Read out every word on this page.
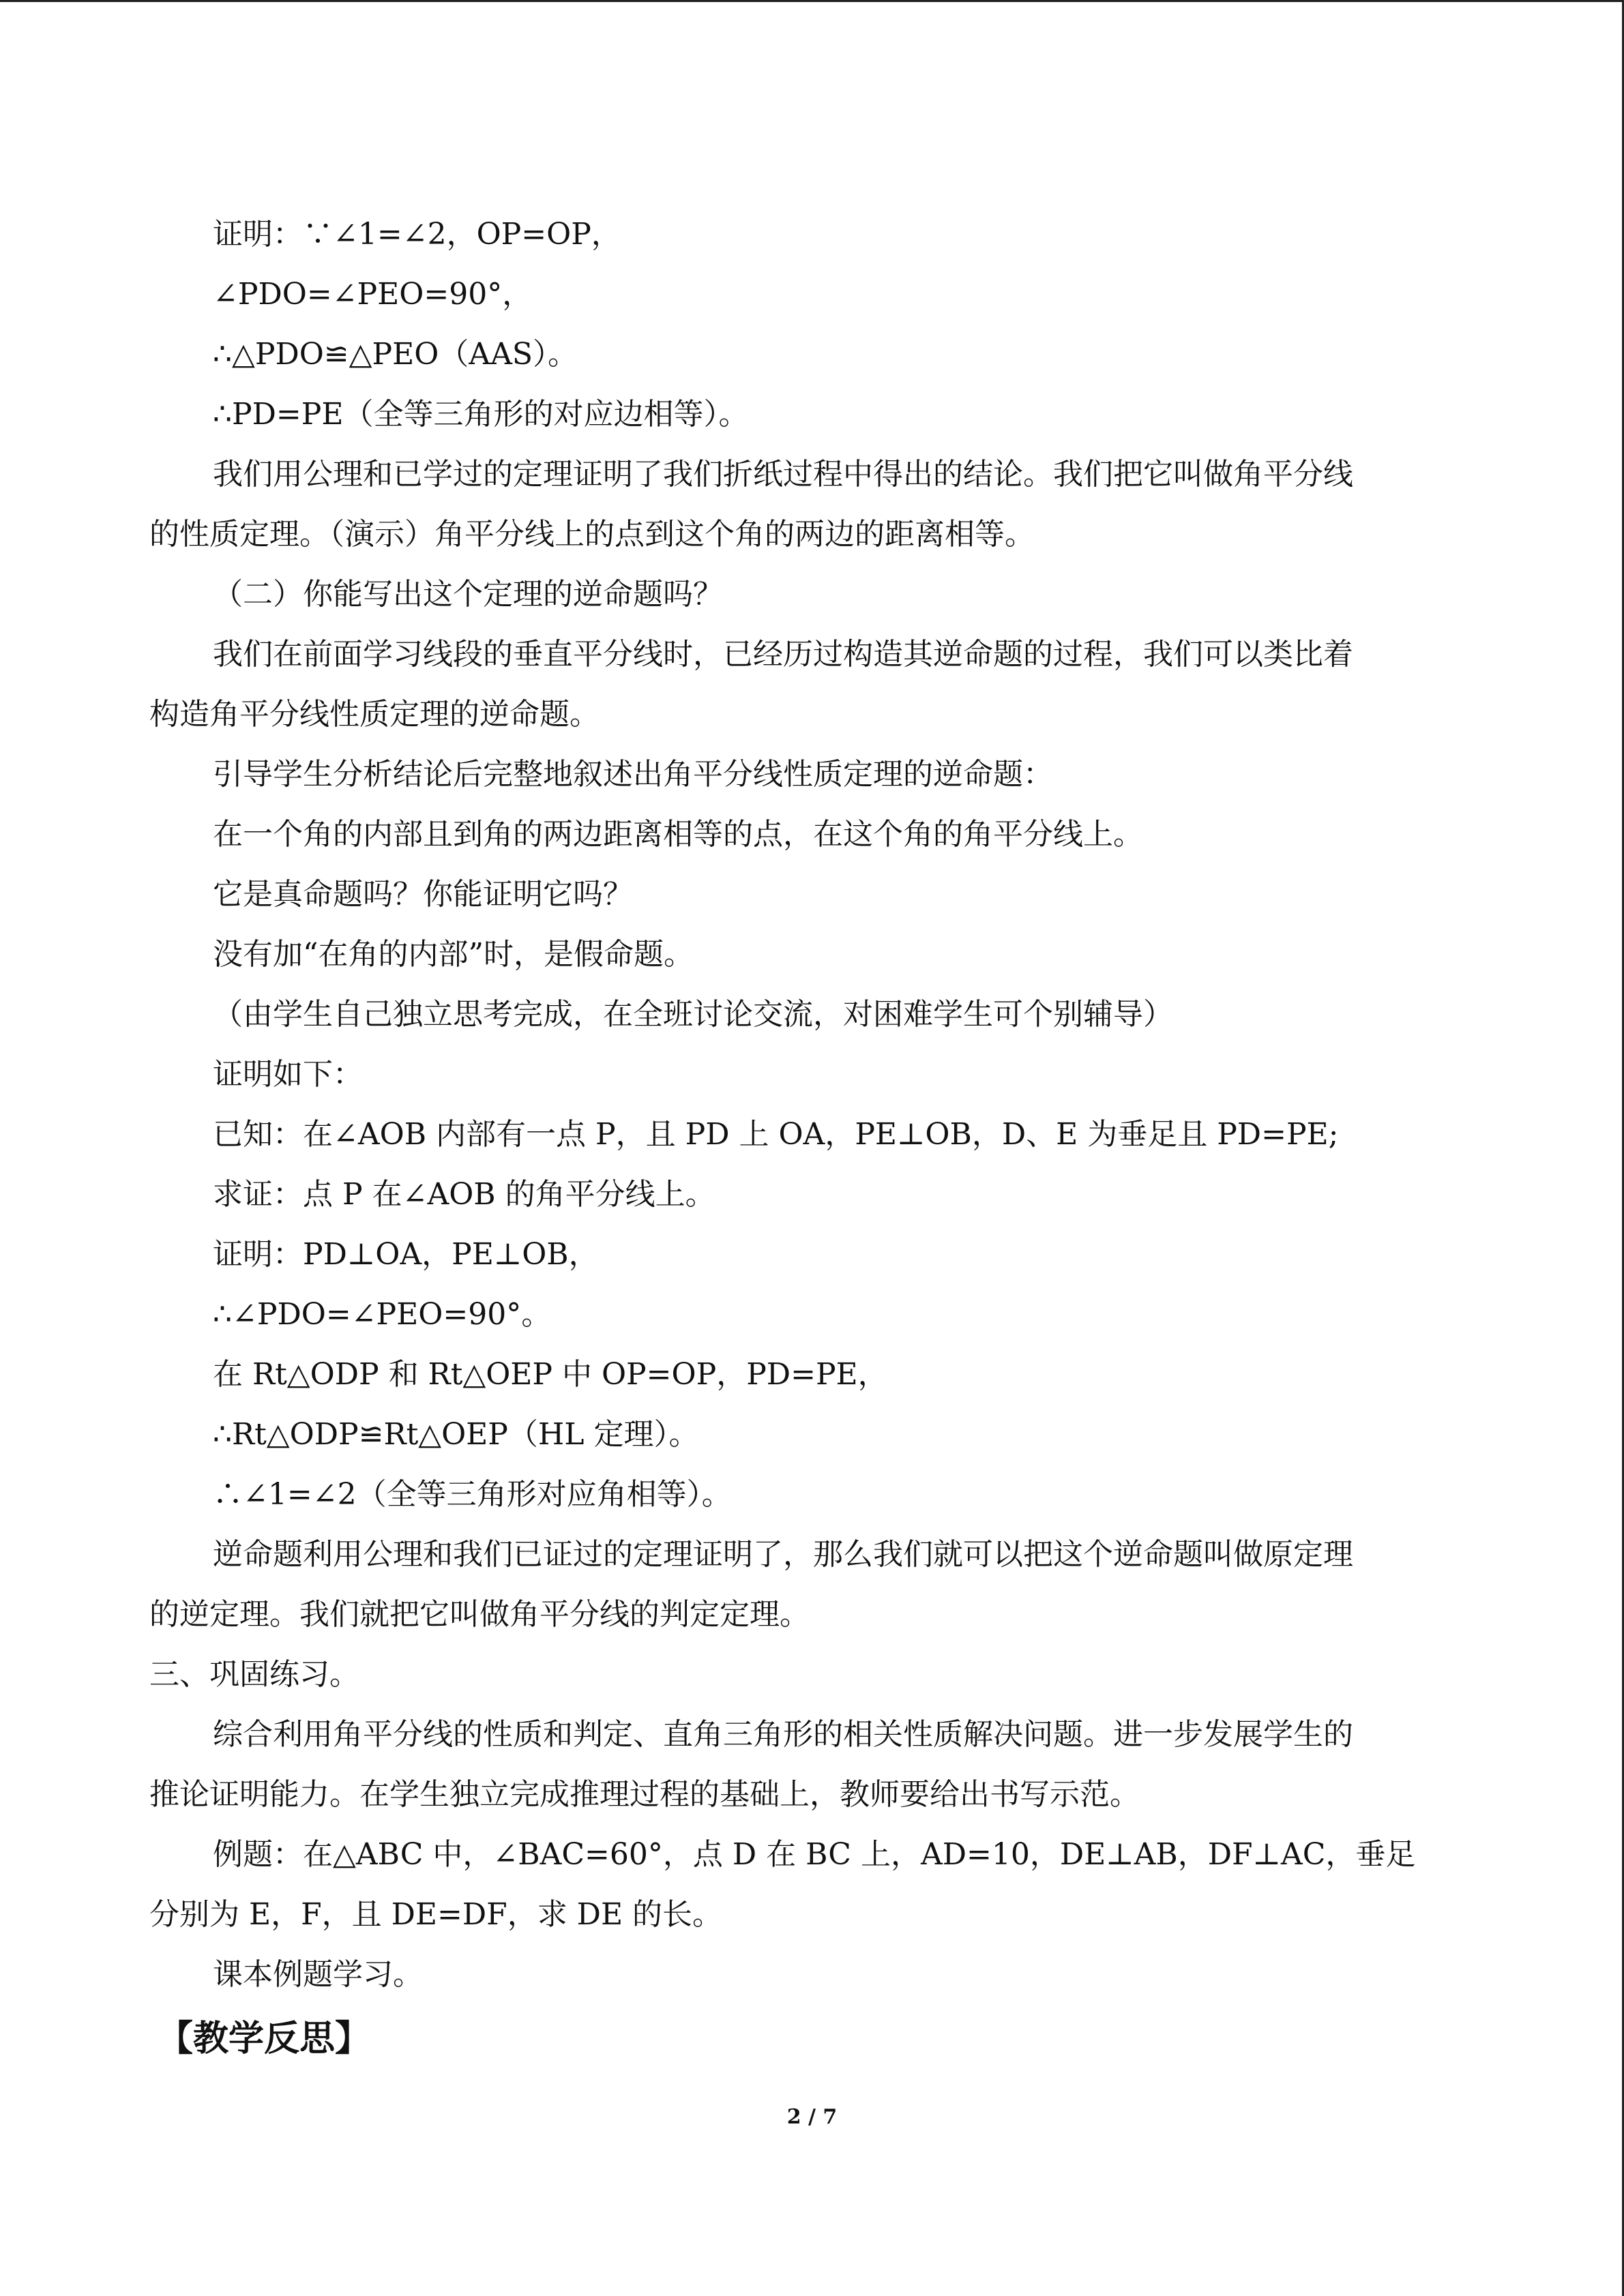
证明：∵∠1=∠2，OP=OP，

∠PDO=∠PEO=90°，

∴△PDO≌△PEO（AAS）。

∴PD=PE（全等三角形的对应边相等）。

我们用公理和已学过的定理证明了我们折纸过程中得出的结论。我们把它叫做角平分线

的性质定理。（演示）角平分线上的点到这个角的两边的距离相等。

（二）你能写出这个定理的逆命题吗？

我们在前面学习线段的垂直平分线时，已经历过构造其逆命题的过程，我们可以类比着

构造角平分线性质定理的逆命题。

引导学生分析结论后完整地叙述出角平分线性质定理的逆命题：

在一个角的内部且到角的两边距离相等的点，在这个角的角平分线上。

它是真命题吗？你能证明它吗？

没有加“在角的内部”时，是假命题。

（由学生自己独立思考完成，在全班讨论交流，对困难学生可个别辅导）

证明如下：

已知：在∠AOB 内部有一点 P，且 PD 上 OA，PE⊥OB，D、E 为垂足且 PD=PE;

求证：点 P 在∠AOB 的角平分线上。

证明：PD⊥OA，PE⊥OB，

∴∠PDO=∠PEO=90°。

在 Rt△ODP 和 Rt△OEP 中 OP=OP，PD=PE，

∴Rt△ODP≌Rt△OEP（HL 定理）。

∴∠1=∠2（全等三角形对应角相等）。

逆命题利用公理和我们已证过的定理证明了，那么我们就可以把这个逆命题叫做原定理

的逆定理。我们就把它叫做角平分线的判定定理。

三、巩固练习。

综合利用角平分线的性质和判定、直角三角形的相关性质解决问题。进一步发展学生的

推论证明能力。在学生独立完成推理过程的基础上，教师要给出书写示范。

例题：在△ABC 中，∠BAC=60°，点 D 在 BC 上，AD=10，DE⊥AB，DF⊥AC，垂足

分别为 E，F，且 DE=DF，求 DE 的长。

课本例题学习。

【教学反思】
2 / 7
